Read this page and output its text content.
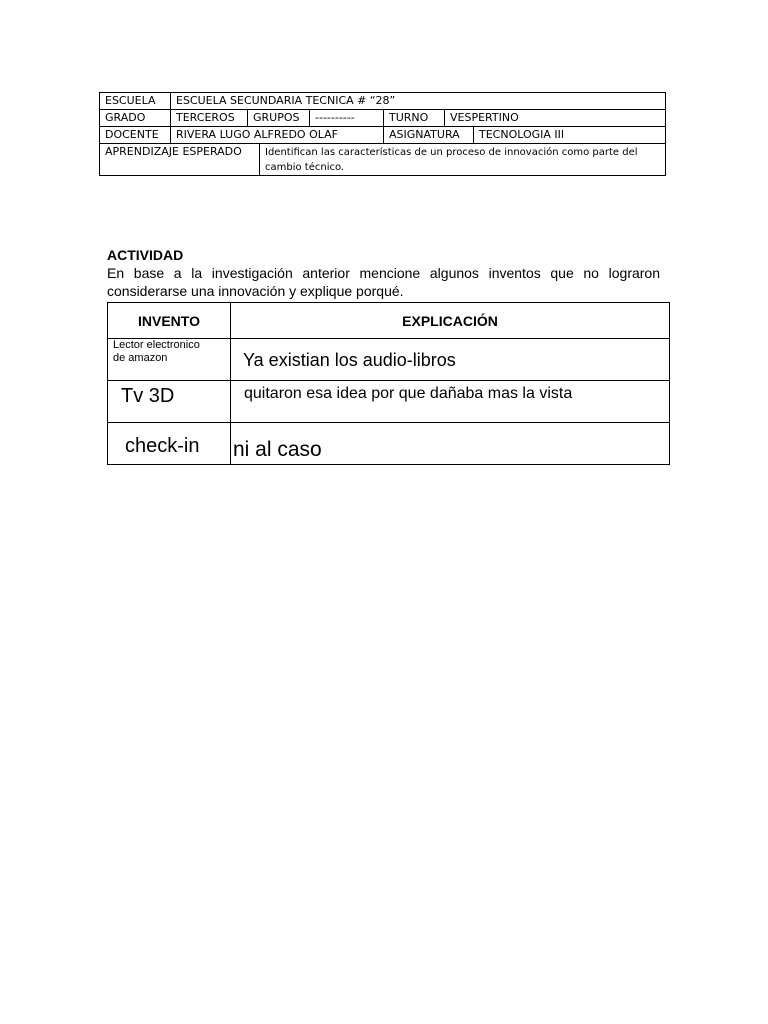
ESCUELA	ESCUELA SECUNDARIA TECNICA # “28”						
GRADO	TERCEROS	GRUPOS		----------	TURNO	VESPERTINO	
DOCENTE	RIVERA LUGO ALFREDO OLAF				ASIGNATURA		TECNOLOGIA III
APRENDIZAJE ESPERADO			Identifican las características de un proceso de innovación como parte del cambio técnico.				
ACTIVIDAD
En base a la investigación anterior mencione algunos inventos que no lograron considerarse una innovación y explique porqué.
INVENTO	EXPLICACIÓN

Lector electronico de amazon	Ya existian los audio-libros

Tv 3D	quitaron esa idea por que dañaba mas la vista

check-in	ni al caso
